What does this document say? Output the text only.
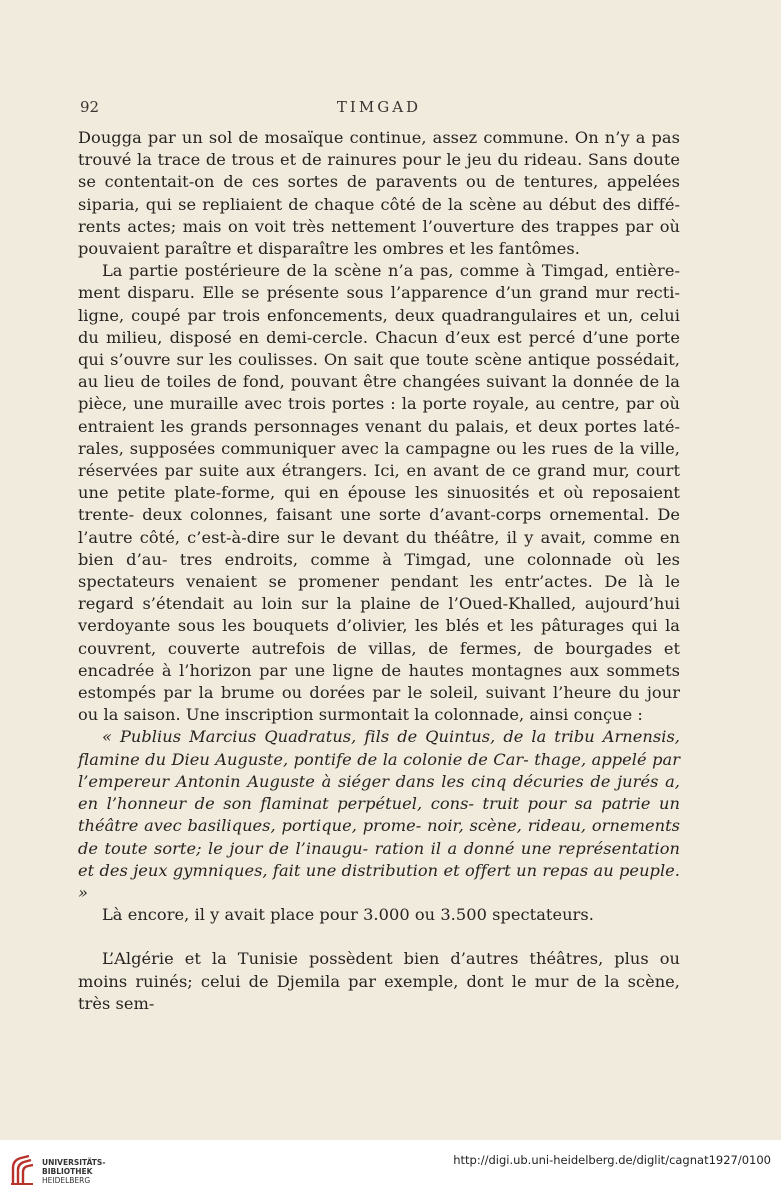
92	TIMGAD

Dougga par un sol de mosaïque continue, assez commune. On n’y a pas trouvé la trace de trous et de rainures pour le jeu du rideau. Sans doute se contentait-on de ces sortes de paravents ou de tentures, appelées siparia, qui se repliaient de chaque côté de la scène au début des diffé- rents actes; mais on voit très nettement l’ouverture des trappes par où pouvaient paraître et disparaître les ombres et les fantômes.

La partie postérieure de la scène n’a pas, comme à Timgad, entière- ment disparu. Elle se présente sous l’apparence d’un grand mur recti- ligne, coupé par trois enfoncements, deux quadrangulaires et un, celui du milieu, disposé en demi-cercle. Chacun d’eux est percé d’une porte qui s’ouvre sur les coulisses. On sait que toute scène antique possédait, au lieu de toiles de fond, pouvant être changées suivant la donnée de la pièce, une muraille avec trois portes : la porte royale, au centre, par où entraient les grands personnages venant du palais, et deux portes laté- rales, supposées communiquer avec la campagne ou les rues de la ville, réservées par suite aux étrangers. Ici, en avant de ce grand mur, court une petite plate-forme, qui en épouse les sinuosités et où reposaient trente- deux colonnes, faisant une sorte d’avant-corps ornemental. De l’autre côté, c’est-à-dire sur le devant du théâtre, il y avait, comme en bien d’au- tres endroits, comme à Timgad, une colonnade où les spectateurs venaient se promener pendant les entr’actes. De là le regard s’étendait au loin sur la plaine de l’Oued-Khalled, aujourd’hui verdoyante sous les bouquets d’olivier, les blés et les pâturages qui la couvrent, couverte autrefois de villas, de fermes, de bourgades et encadrée à l’horizon par une ligne de hautes montagnes aux sommets estompés par la brume ou dorées par le soleil, suivant l’heure du jour ou la saison. Une inscription surmontait la colonnade, ainsi conçue :

« Publius Marcius Quadratus, fils de Quintus, de la tribu Arnensis, flamine du Dieu Auguste, pontife de la colonie de Car- thage, appelé par l’empereur Antonin Auguste à siéger dans les cinq décuries de jurés a, en l’honneur de son flaminat perpétuel, cons- truit pour sa patrie un théâtre avec basiliques, portique, prome- noir, scène, rideau, ornements de toute sorte; le jour de l’inaugu- ration il a donné une représentation et des jeux gymniques, fait une distribution et offert un repas au peuple. »

Là encore, il y avait place pour 3.000 ou 3.500 spectateurs.

L’Algérie et la Tunisie possèdent bien d’autres théâtres, plus ou moins ruinés; celui de Djemila par exemple, dont le mur de la scène, très sem-

UNIVERSITÄTS-
BIBLIOTHEK
HEIDELBERG
http://digi.ub.uni-heidelberg.de/diglit/cagnat1927/0100
